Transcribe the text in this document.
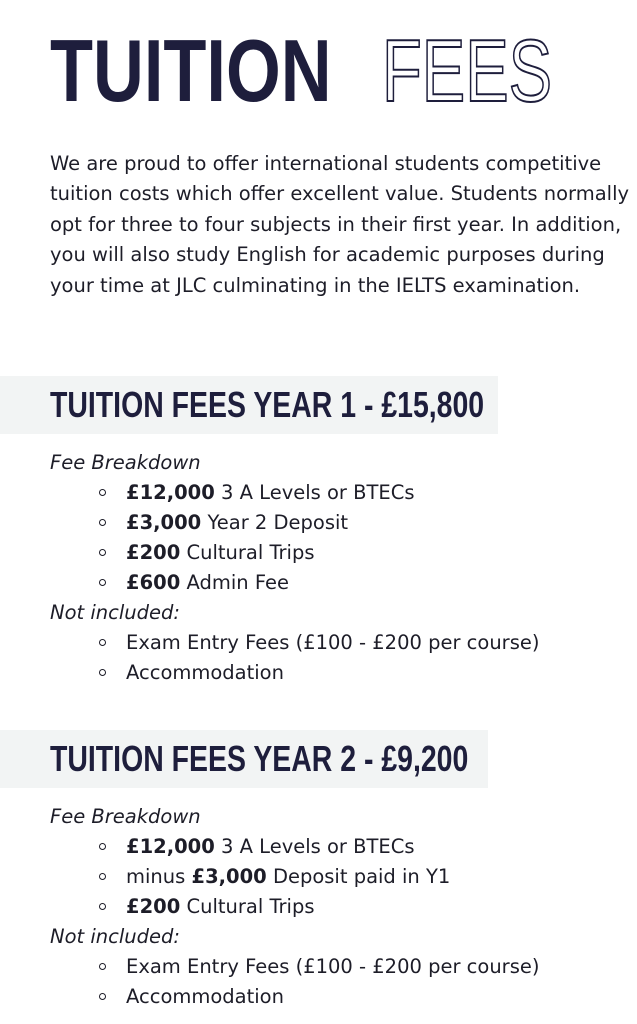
TUITION FEES

We are proud to offer international students competitive tuition costs which offer excellent value. Students normally opt for three to four subjects in their first year. In addition, you will also study English for academic purposes during your time at JLC culminating in the IELTS examination.

TUITION FEES YEAR 1 - £15,800

Fee Breakdown

£12,000 3 A Levels or BTECs
£3,000 Year 2 Deposit
£200 Cultural Trips
£600 Admin Fee

Not included:

Exam Entry Fees (£100 - £200 per course)
Accommodation
TUITION FEES YEAR 2 - £9,200

Fee Breakdown

£12,000 3 A Levels or BTECs
minus £3,000 Deposit paid in Y1
£200 Cultural Trips

Not included:

Exam Entry Fees (£100 - £200 per course)
Accommodation
